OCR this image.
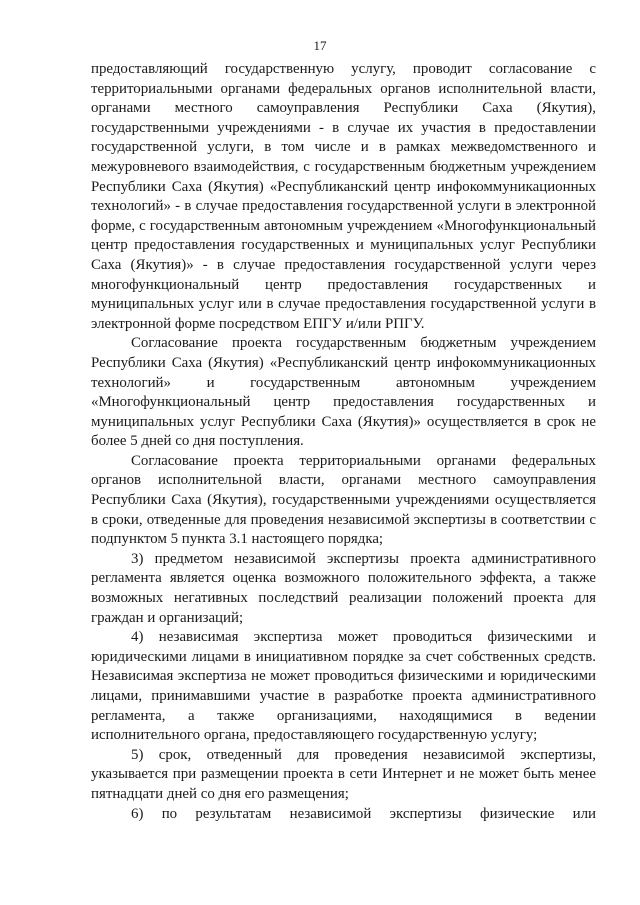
17

предоставляющий государственную услугу, проводит согласование с территориальными органами федеральных органов исполнительной власти, органами местного самоуправления Республики Саха (Якутия), государственными учреждениями - в случае их участия в предоставлении государственной услуги, в том числе и в рамках межведомственного и межуровневого взаимодействия, с государственным бюджетным учреждением Республики Саха (Якутия) «Республиканский центр инфокоммуникационных технологий» - в случае предоставления государственной услуги в электронной форме, с государственным автономным учреждением «Многофункциональный центр предоставления государственных и муниципальных услуг Республики Саха (Якутия)» - в случае предоставления государственной услуги через многофункциональный центр предоставления государственных и муниципальных услуг или в случае предоставления государственной услуги в электронной форме посредством ЕПГУ и/или РПГУ.

Согласование проекта государственным бюджетным учреждением Республики Саха (Якутия) «Республиканский центр инфокоммуникационных технологий» и государственным автономным учреждением «Многофункциональный центр предоставления государственных и муниципальных услуг Республики Саха (Якутия)» осуществляется в срок не более 5 дней со дня поступления.

Согласование проекта территориальными органами федеральных органов исполнительной власти, органами местного самоуправления Республики Саха (Якутия), государственными учреждениями осуществляется в сроки, отведенные для проведения независимой экспертизы в соответствии с подпунктом 5 пункта 3.1 настоящего порядка;

3) предметом независимой экспертизы проекта административного регламента является оценка возможного положительного эффекта, а также возможных негативных последствий реализации положений проекта для граждан и организаций;

4) независимая экспертиза может проводиться физическими и юридическими лицами в инициативном порядке за счет собственных средств. Независимая экспертиза не может проводиться физическими и юридическими лицами, принимавшими участие в разработке проекта административного регламента, а также организациями, находящимися в ведении исполнительного органа, предоставляющего государственную услугу;

5) срок, отведенный для проведения независимой экспертизы, указывается при размещении проекта в сети Интернет и не может быть менее пятнадцати дней со дня его размещения;

6) по результатам независимой экспертизы физические или
